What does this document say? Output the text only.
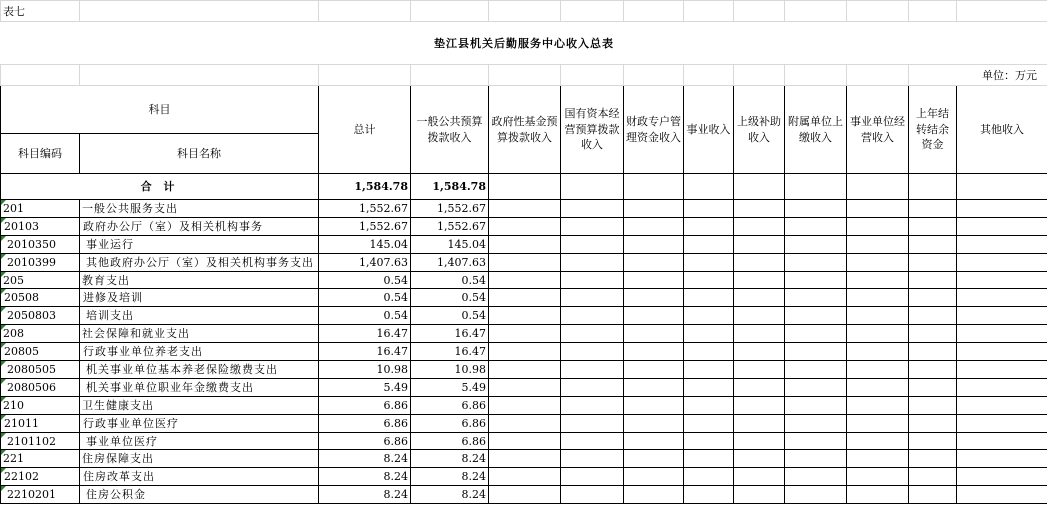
表七												
垫江县机关后勤服务中心收入总表												
											单位：万元	
科目		总计	一般公共预算拨款收入	政府性基金预算拨款收入	国有资本经营预算拨款收入	财政专户管理资金收入	事业收入	上级补助收入	附属单位上缴收入	事业单位经营收入	上年结转结余资金	其他收入
科目编码	科目名称											
合 计		1,584.78	1,584.78									
201	一般公共服务支出	1,552.67	1,552.67									
20103	政府办公厅（室）及相关机构事务	1,552.67	1,552.67									
2010350	事业运行	145.04	145.04									
2010399	其他政府办公厅（室）及相关机构事务支出	1,407.63	1,407.63									
205	教育支出	0.54	0.54									
20508	进修及培训	0.54	0.54									
2050803	培训支出	0.54	0.54									
208	社会保障和就业支出	16.47	16.47									
20805	行政事业单位养老支出	16.47	16.47									
2080505	机关事业单位基本养老保险缴费支出	10.98	10.98									
2080506	机关事业单位职业年金缴费支出	5.49	5.49									
210	卫生健康支出	6.86	6.86									
21011	行政事业单位医疗	6.86	6.86									
2101102	事业单位医疗	6.86	6.86									
221	住房保障支出	8.24	8.24									
22102	住房改革支出	8.24	8.24									
2210201	住房公积金	8.24	8.24									
